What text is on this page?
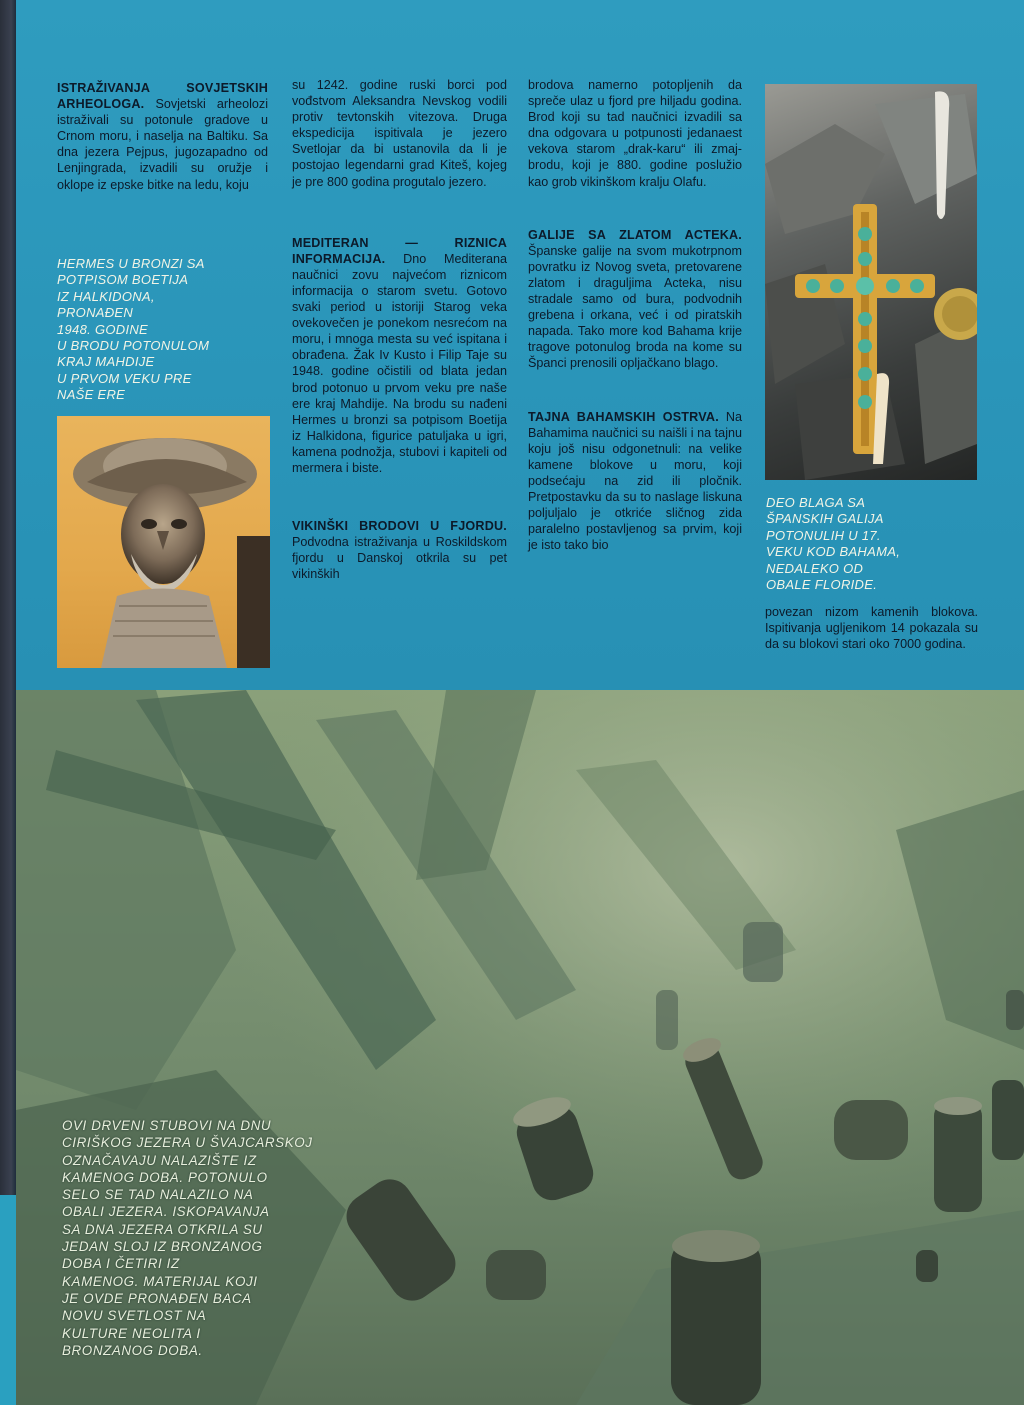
ISTRAŽIVANJA SOVJETSKIH ARHEOLOGA. Sovjetski arheolozi istraživali su potonule gradove u Crnom moru, i naselja na Baltiku. Sa dna jezera Pejpus, jugozapadno od Lenjingrada, izvadili su oružje i oklope iz epske bitke na ledu, koju

HERMES U BRONZI SA

POTPISOM BOETIJA

IZ HALKIDONA,

PRONAĐEN

1948. GODINE

U BRODU POTONULOM

KRAJ MAHDIJE

U PRVOM VEKU PRE

NAŠE ERE

su 1242. godine ruski borci pod vođstvom Aleksandra Nevskog vodili protiv tevtonskih vitezova. Druga ekspedicija ispitivala je jezero Svetlojar da bi ustanovila da li je postojao legendarni grad Kiteš, kojeg je pre 800 godina progutalo jezero.

MEDITERAN — RIZNICA INFORMACIJA. Dno Mediterana naučnici zovu najvećom riznicom informacija o starom svetu. Gotovo svaki period u istoriji Starog veka ovekovečen je ponekom nesrećom na moru, i mnoga mesta su već ispitana i obrađena. Žak Iv Kusto i Filip Taje su 1948. godine očistili od blata jedan brod potonuo u prvom veku pre naše ere kraj Mahdije. Na brodu su nađeni Hermes u bronzi sa potpisom Boetija iz Halkidona, figurice patuljaka u igri, kamena podnožja, stubovi i kapiteli od mermera i biste.

VIKINŠKI BRODOVI U FJORDU. Podvodna istraživanja u Roskildskom fjordu u Danskoj otkrila su pet vikinških

brodova namerno potopljenih da spreče ulaz u fjord pre hiljadu godina. Brod koji su tad naučnici izvadili sa dna odgovara u potpunosti jedanaest vekova starom „drak-karu“ ili zmaj-brodu, koji je 880. godine poslužio kao grob vikinškom kralju Olafu.

GALIJE SA ZLATOM ACTEKA. Španske galije na svom mukotrpnom povratku iz Novog sveta, pretovarene zlatom i draguljima Acteka, nisu stradale samo od bura, podvodnih grebena i orkana, već i od piratskih napada. Tako more kod Bahama krije tragove potonulog broda na kome su Španci prenosili opljačkano blago.

TAJNA BAHAMSKIH OSTRVA. Na Bahamima naučnici su naišli i na tajnu koju još nisu odgonetnuli: na velike kamene blokove u moru, koji podsećaju na zid ili pločnik. Pretpostavku da su to naslage liskuna poljuljalo je otkriće sličnog zida paralelno postavljenog sa prvim, koji je isto tako bio

DEO BLAGA SA

ŠPANSKIH GALIJA

POTONULIH U 17.

VEKU KOD BAHAMA,

NEDALEKO OD

OBALE FLORIDE.

povezan nizom kamenih blokova. Ispitivanja ugljenikom 14 pokazala su da su blokovi stari oko 7000 godina.

OVI DRVENI STUBOVI NA DNU

CIRIŠKOG JEZERA U ŠVAJCARSKOJ

OZNAČAVAJU NALAZIŠTE IZ

KAMENOG DOBA. POTONULO

SELO SE TAD NALAZILO NA

OBALI JEZERA. ISKOPAVANJA

SA DNA JEZERA OTKRILA SU

JEDAN SLOJ IZ BRONZANOG

DOBA I ČETIRI IZ

KAMENOG. MATERIJAL KOJI

JE OVDE PRONAĐEN BACA

NOVU SVETLOST NA

KULTURE NEOLITA I

BRONZANOG DOBA.
